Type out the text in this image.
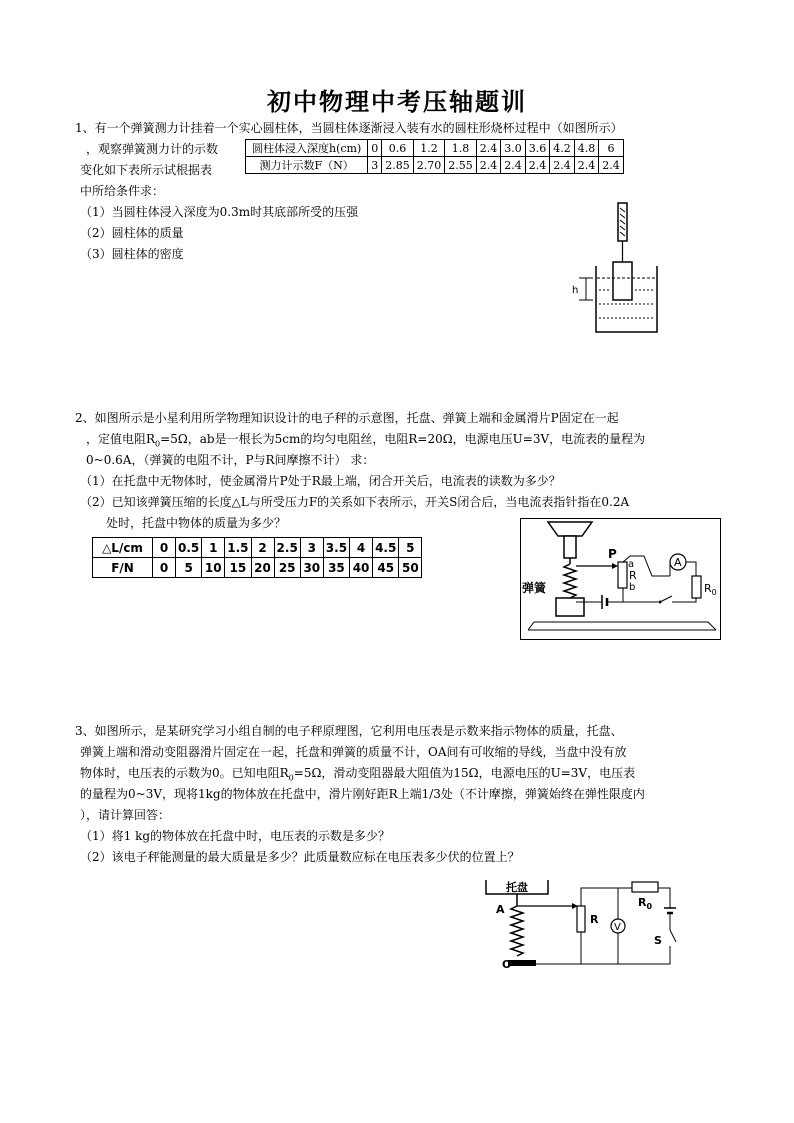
初中物理中考压轴题训
1、有一个弹簧测力计挂着一个实心圆柱体，当圆柱体逐渐浸入装有水的圆柱形烧杯过程中（如图所示）
，观察弹簧测力计的示数
变化如下表所示试根据表
中所给条件求：
（1）当圆柱体浸入深度为0.3m时其底部所受的压强
（2）圆柱体的质量
（3）圆柱体的密度
圆柱体浸入深度h(cm)	0	0.6	1.2	1.8	2.4	3.0	3.6	4.2	4.8	6
测力计示数F（N）	3	2.85	2.70	2.55	2.4	2.4	2.4	2.4	2.4	2.4
h
2、如图所示是小星利用所学物理知识设计的电子秤的示意图，托盘、弹簧上端和金属滑片P固定在一起
，定值电阻$R_0=5\Omega$，ab是一根长为5cm的均匀电阻丝，电阻R=20Ω，电源电压U=3V，电流表的量程为
0~0.6A，（弹簧的电阻不计，P与R间摩擦不计） 求：
（1）在托盘中无物体时，使金属滑片P处于R最上端，闭合开关后，电流表的读数为多少？
（2）已知该弹簧压缩的长度△L与所受压力F的关系如下表所示，开关S闭合后，当电流表指针指在0.2A
处时，托盘中物体的质量为多少？
△L/cm	0	0.5	1	1.5	2	2.5	3	3.5	4	4.5	5
F/N	0	5	10	15	20	25	30	35	40	45	50
弹簧
P
a
R
b
A
$R_0$
3、如图所示，是某研究学习小组自制的电子秤原理图，它利用电压表是示数来指示物体的质量，托盘、
弹簧上端和滑动变阻器滑片固定在一起，托盘和弹簧的质量不计，OA间有可收缩的导线，当盘中没有放
物体时，电压表的示数为0。已知电阻$R_0=5\Omega$，滑动变阻器最大阻值为15Ω，电源电压的U=3V，电压表
的量程为0~3V，现将1kg的物体放在托盘中，滑片刚好距R上端1/3处（不计摩擦，弹簧始终在弹性限度内
），请计算回答：
（1）将1 kg的物体放在托盘中时，电压表的示数是多少？
（2）该电子秤能测量的最大质量是多少？此质量数应标在电压表多少伏的位置上？
托盘
A
O
R
V
$R_0$
S
